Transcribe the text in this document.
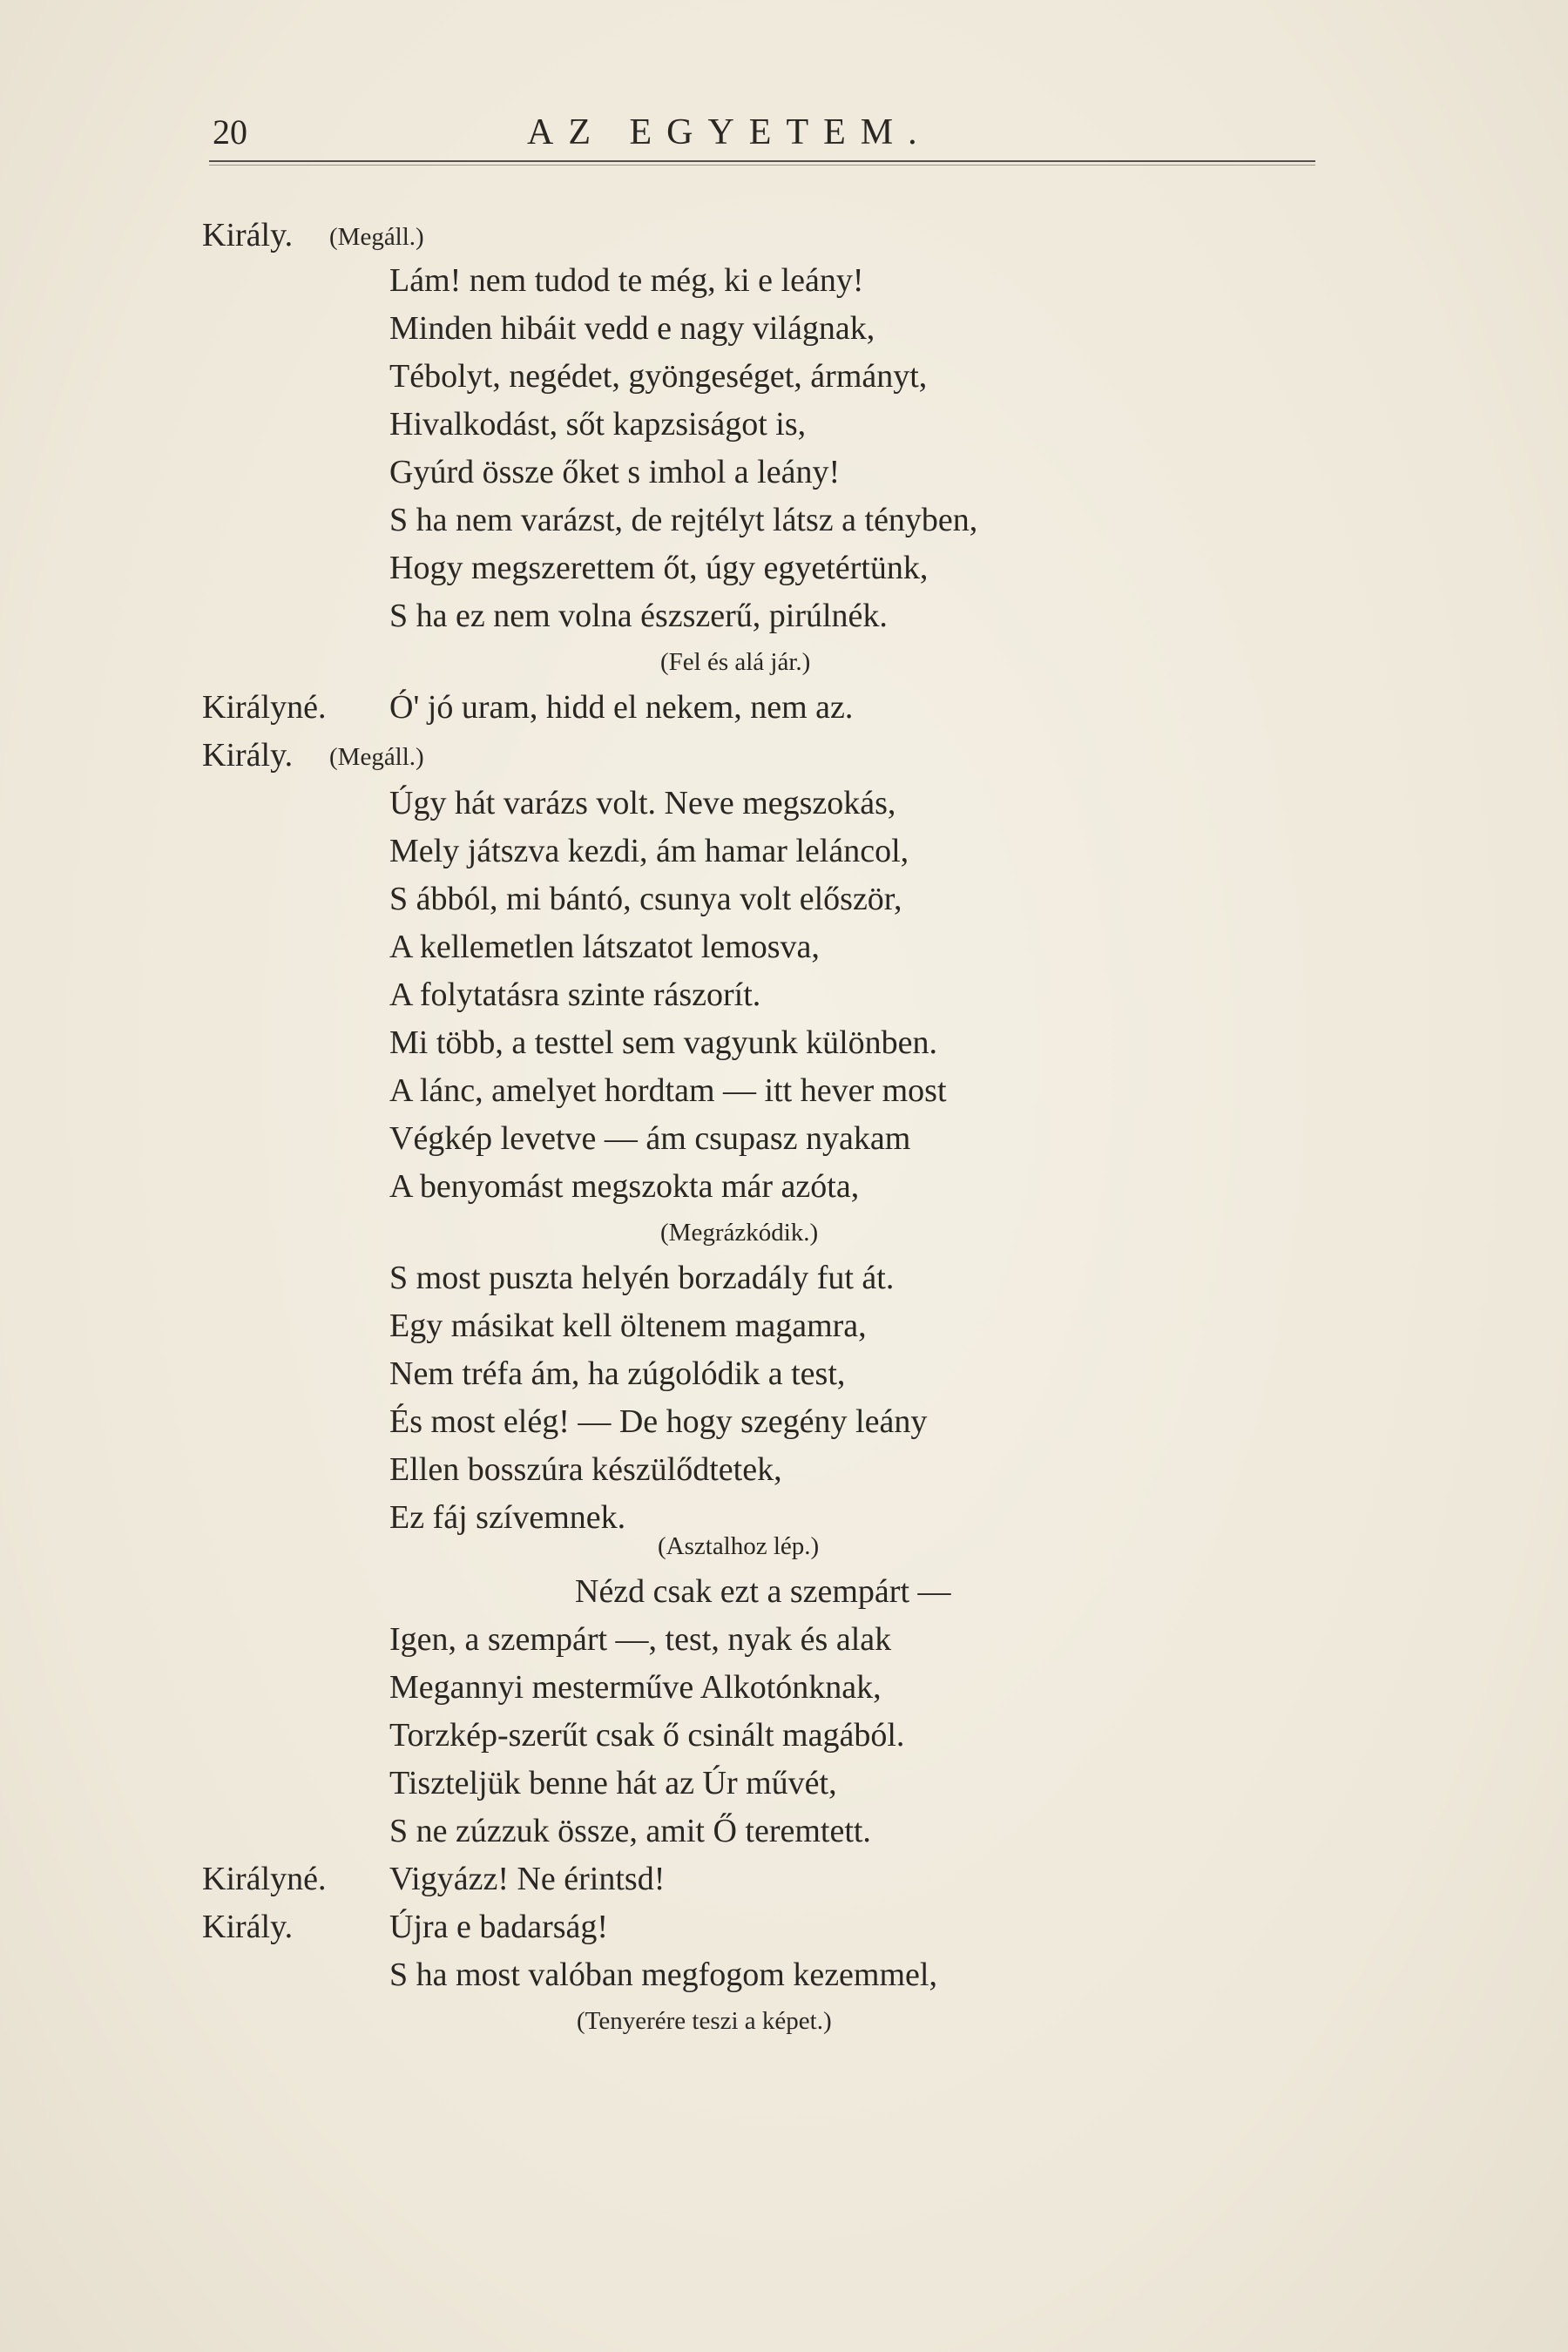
20	AZ EGYETEM.
Király. (Megáll.)
Lám! nem tudod te még, ki e leány!
Minden hibáit vedd e nagy világnak,
Tébolyt, negédet, gyöngeséget, ármányt,
Hivalkodást, sőt kapzsiságot is,
Gyúrd össze őket s imhol a leány!
S ha nem varázst, de rejtélyt látsz a tényben,
Hogy megszerettem őt, úgy egyetértünk,
S ha ez nem volna észszerű, pirúlnék.
(Fel és alá jár.)
Királyné. Ó' jó uram, hidd el nekem, nem az.
Király. (Megáll.)
Úgy hát varázs volt. Neve megszokás,
Mely játszva kezdi, ám hamar leláncol,
S ábból, mi bántó, csunya volt először,
A kellemetlen látszatot lemosva,
A folytatásra szinte rászorít.
Mi több, a testtel sem vagyunk különben.
A lánc, amelyet hordtam — itt hever most
Végkép levetve — ám csupasz nyakam
A benyomást megszokta már azóta,
(Megrázkódik.)
S most puszta helyén borzadály fut át.
Egy másikat kell öltenem magamra,
Nem tréfa ám, ha zúgolódik a test,
És most elég! — De hogy szegény leány
Ellen bosszúra készülődtetek,
Ez fáj szívemnek.
(Asztalhoz lép.)
Nézd csak ezt a szempárt —
Igen, a szempárt —, test, nyak és alak
Megannyi mesterműve Alkotónknak,
Torzkép-szerűt csak ő csinált magából.
Tiszteljük benne hát az Úr művét,
S ne zúzzuk össze, amit Ő teremtett.
Királyné. Vigyázz! Ne érintsd!
Király.	Újra e badarság!
S ha most valóban megfogom kezemmel,
(Tenyerére teszi a képet.)
